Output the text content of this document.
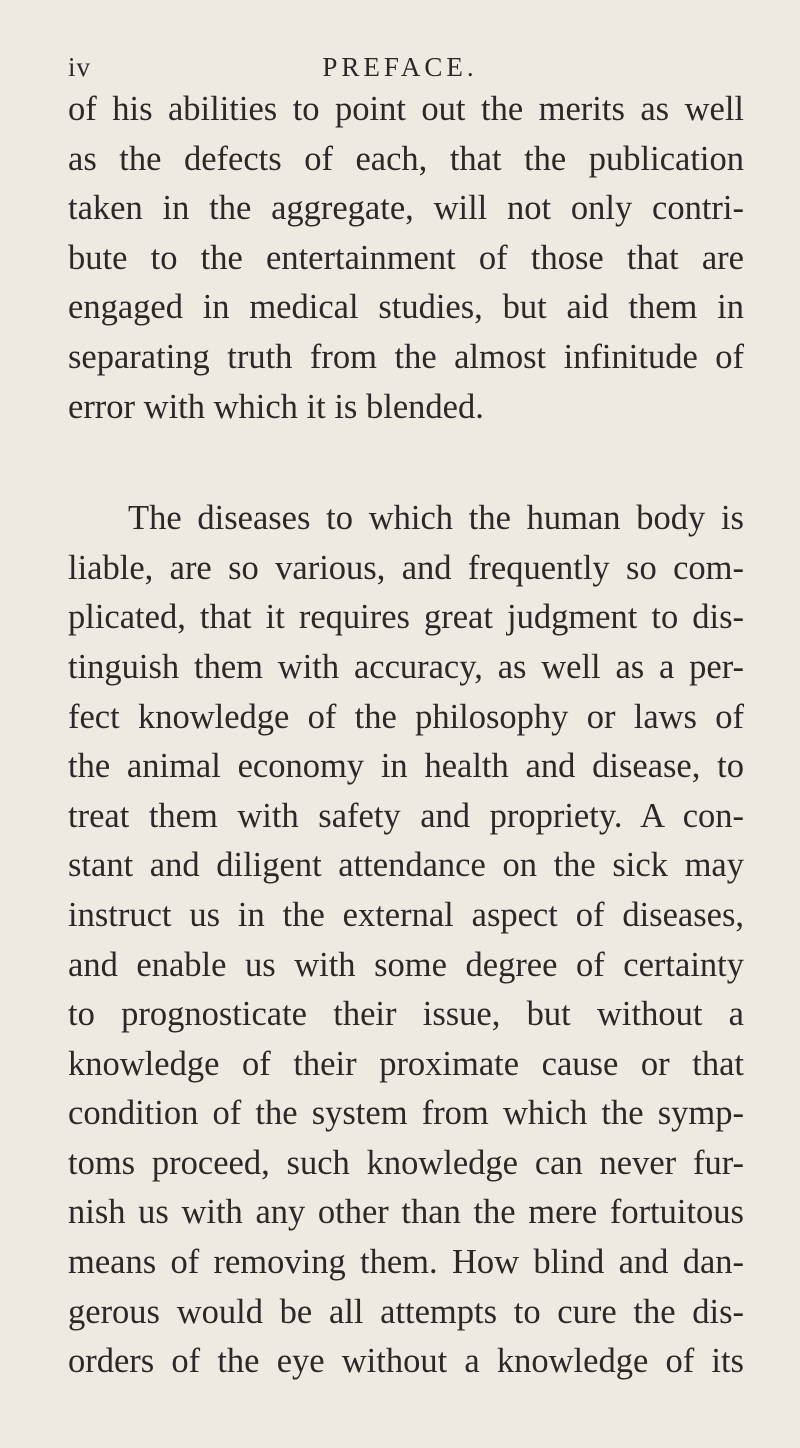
iv	PREFACE.
of his abilities to point out the merits as well
as the defects of each, that the publication
taken in the aggregate, will not only contri-
bute to the entertainment of those that are
engaged in medical studies, but aid them in
separating truth from the almost infinitude of
error with which it is blended.
The diseases to which the human body is
liable, are so various, and frequently so com-
plicated, that it requires great judgment to dis-
tinguish them with accuracy, as well as a per-
fect knowledge of the philosophy or laws of
the animal economy in health and disease, to
treat them with safety and propriety. A con-
stant and diligent attendance on the sick may
instruct us in the external aspect of diseases,
and enable us with some degree of certainty
to prognosticate their issue, but without a
knowledge of their proximate cause or that
condition of the system from which the symp-
toms proceed, such knowledge can never fur-
nish us with any other than the mere fortuitous
means of removing them. How blind and dan-
gerous would be all attempts to cure the dis-
orders of the eye without a knowledge of its
